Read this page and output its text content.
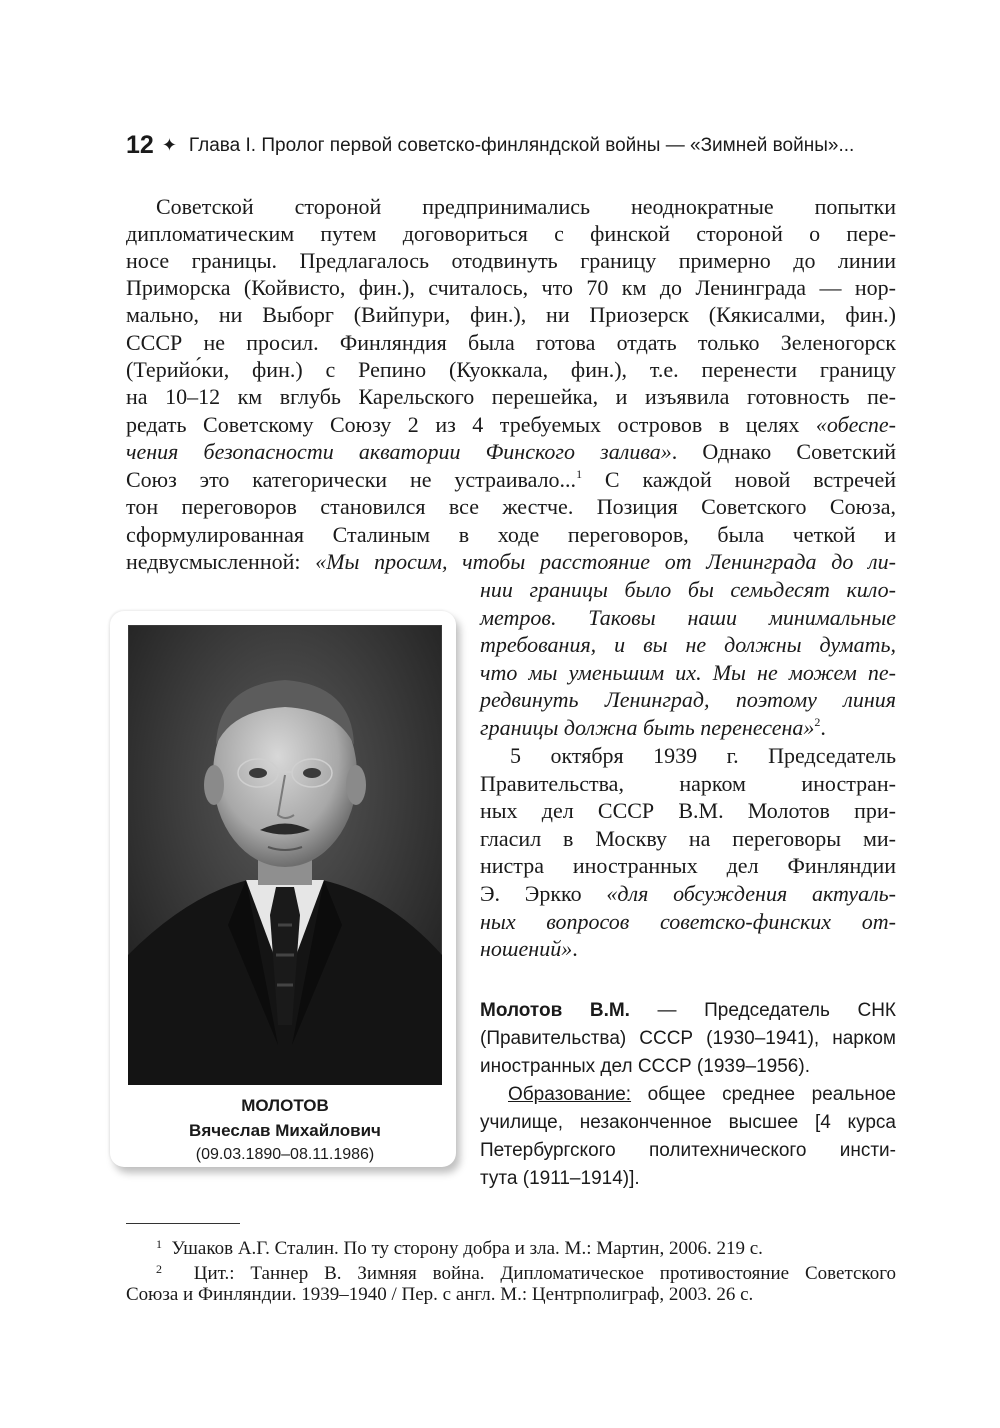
12 ✦ Глава I. Пролог первой советско-финляндской войны — «Зимней войны»...
Советской стороной предпринимались неоднократные попытки
дипломатическим путем договориться с финской стороной о пере-
носе границы. Предлагалось отодвинуть границу примерно до линии
Приморска (Койвисто, фин.), считалось, что 70 км до Ленинграда — нор-
мально, ни Выборг (Вийпури, фин.), ни Приозерск (Кякисалми, фин.)
СССР не просил. Финляндия была готова отдать только Зеленогорск
(Терийо́ки, фин.) с Репино (Куоккала, фин.), т.е. перенести границу
на 10–12 км вглубь Карельского перешейка, и изъявила готовность пе-
редать Советскому Союзу 2 из 4 требуемых островов в целях «обеспе-
чения безопасности акватории Финского залива». Однако Советский
Союз это категорически не устраивало...$^1$ С каждой новой встречей
тон переговоров становился все жестче. Позиция Советского Союза,
сформулированная Сталиным в ходе переговоров, была четкой и
недвусмысленной: «Мы просим, чтобы расстояние от Ленинграда до ли-
нии границы было бы семьдесят кило-
метров. Таковы наши минимальные
требования, и вы не должны думать,
что мы уменьшим их. Мы не можем пе-
редвинуть Ленинград, поэтому линия
границы должна быть перенесена»$^2$.
5 октября 1939 г. Председатель
Правительства, нарком иностран-
ных дел СССР В.М. Молотов при-
гласил в Москву на переговоры ми-
нистра иностранных дел Финляндии
Э. Эркко «для обсуждения актуаль-
ных вопросов советско-финских от-
ношений».
МОЛОТОВ
Вячеслав Михайлович
(09.03.1890–08.11.1986)
Молотов В.М. — Председатель СНК
(Правительства) СССР (1930–1941), нарком
иностранных дел СССР (1939–1956).
Образование: общее среднее реальное
училище, незаконченное высшее [4 курса
Петербургского политехнического инсти-
тута (1911–1914)].
$^1$ Ушаков А.Г. Сталин. По ту сторону добра и зла. М.: Мартин, 2006. 219 с.
$^2$ Цит.: Таннер В. Зимняя война. Дипломатическое противостояние Советского
Союза и Финляндии. 1939–1940 / Пер. с англ. М.: Центрполиграф, 2003. 26 с.
